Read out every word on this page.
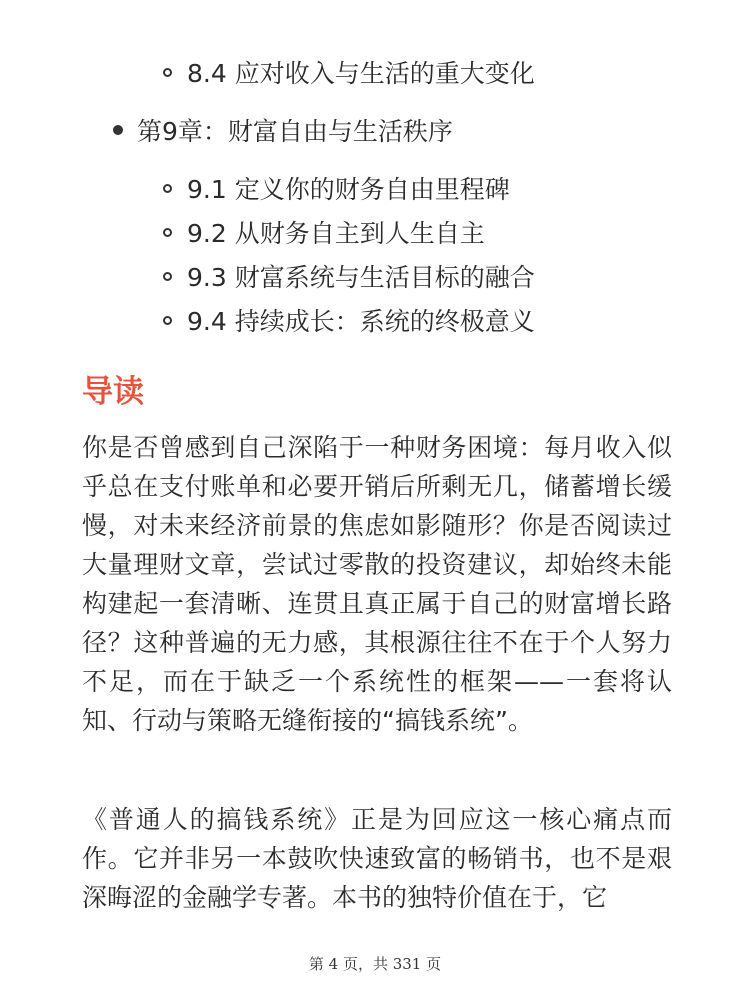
8.4 应对收入与生活的重大变化
第9章：财富自由与生活秩序
9.1 定义你的财务自由里程碑
9.2 从财务自主到人生自主
9.3 财富系统与生活目标的融合
9.4 持续成长：系统的终极意义
导读

你是否曾感到自己深陷于一种财务困境：每月收入似乎总在支付账单和必要开销后所剩无几，储蓄增长缓慢，对未来经济前景的焦虑如影随形？你是否阅读过大量理财文章，尝试过零散的投资建议，却始终未能构建起一套清晰、连贯且真正属于自己的财富增长路径？这种普遍的无力感，其根源往往不在于个人努力不足，而在于缺乏一个系统性的框架——一套将认知、行动与策略无缝衔接的“搞钱系统”。

《普通人的搞钱系统》正是为回应这一核心痛点而作。它并非另一本鼓吹快速致富的畅销书，也不是艰深晦涩的金融学专著。本书的独特价值在于，它

第 4 页，共 331 页
